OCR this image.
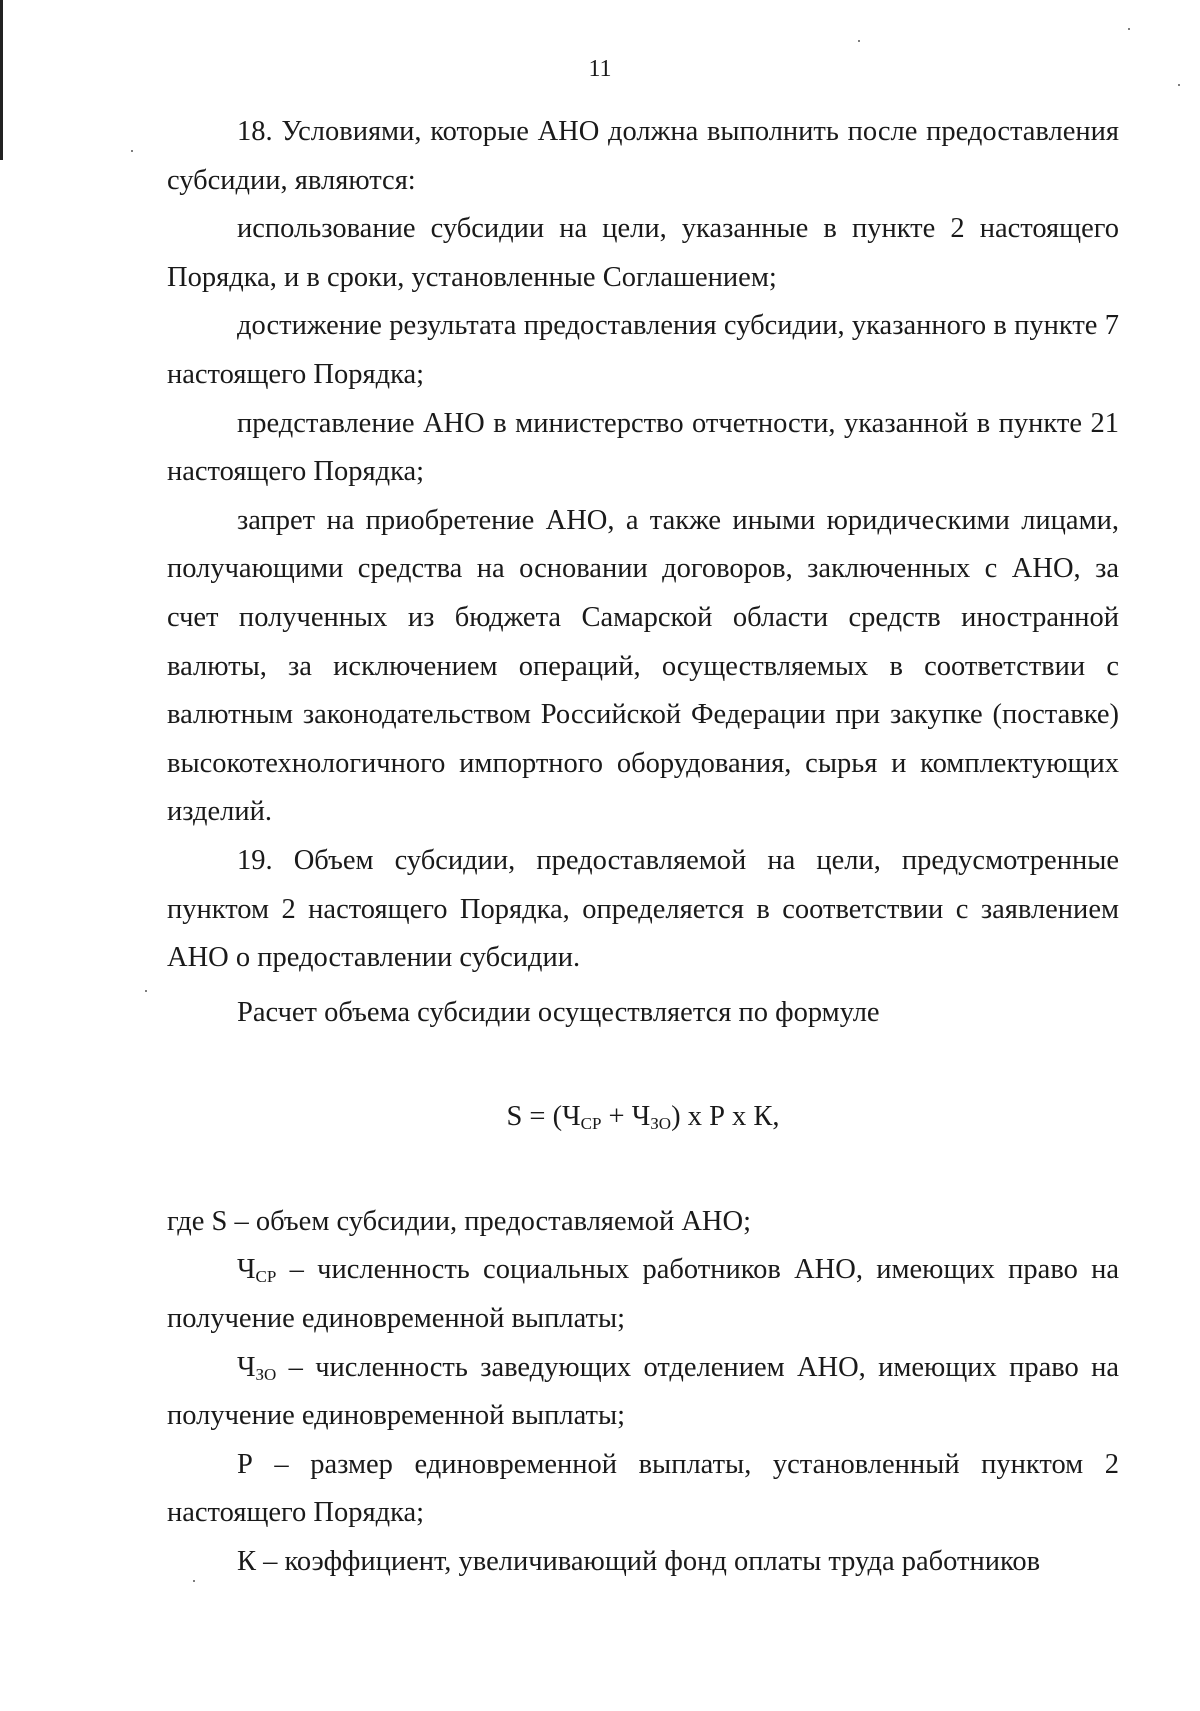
11

18. Условиями, которые АНО должна выполнить после предоставления субсидии, являются:

использование субсидии на цели, указанные в пункте 2 настоящего Порядка, и в сроки, установленные Соглашением;

достижение результата предоставления субсидии, указанного в пункте 7 настоящего Порядка;

представление АНО в министерство отчетности, указанной в пункте 21 настоящего Порядка;

запрет на приобретение АНО, а также иными юридическими лицами, получающими средства на основании договоров, заключенных с АНО, за счет полученных из бюджета Самарской области средств иностранной валюты, за исключением операций, осуществляемых в соответствии с валютным законодательством Российской Федерации при закупке (поставке) высокотехнологичного импортного оборудования, сырья и комплектующих изделий.

19. Объем субсидии, предоставляемой на цели, предусмотренные пунктом 2 настоящего Порядка, определяется в соответствии с заявлением АНО о предоставлении субсидии.

Расчет объема субсидии осуществляется по формуле

$S = (Ч_{СР} + Ч_{ЗО})$ х Р х К,

где S – объем субсидии, предоставляемой АНО;

$Ч_{СР}$ – численность социальных работников АНО, имеющих право на получение единовременной выплаты;

$Ч_{ЗО}$ – численность заведующих отделением АНО, имеющих право на получение единовременной выплаты;

Р – размер единовременной выплаты, установленный пунктом 2 настоящего Порядка;

К – коэффициент, увеличивающий фонд оплаты труда работников
